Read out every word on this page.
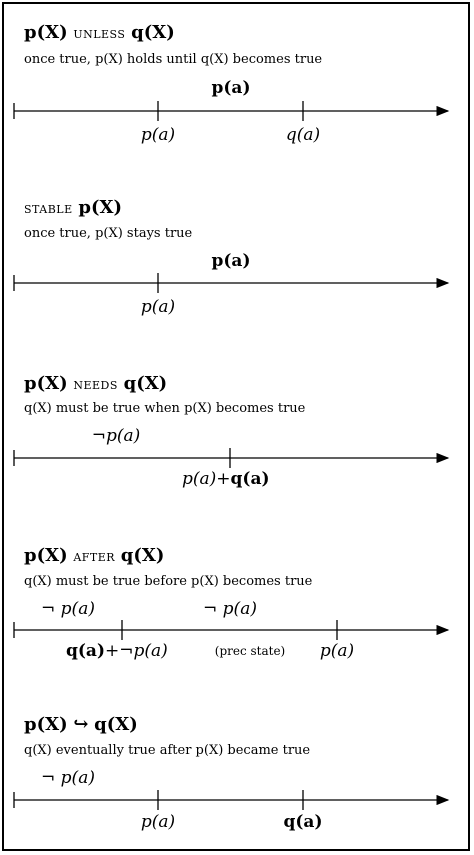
p(X) unless q(X)
once true, p(X) holds until q(X) becomes true
p(a)
p(a)	q(a)
stable p(X)
once true, p(X) stays true
p(a)
p(a)
p(X) needs q(X)
q(X) must be true when p(X) becomes true
¬p(a)
p(a)+q(a)
p(X) after q(X)
q(X) must be true before p(X) becomes true
¬ p(a)	¬ p(a)
q(a)+¬p(a)	(prec state) p(a)
p(X) ↪ q(X)
q(X) eventually true after p(X) became true
¬ p(a)
p(a)	q(a)
